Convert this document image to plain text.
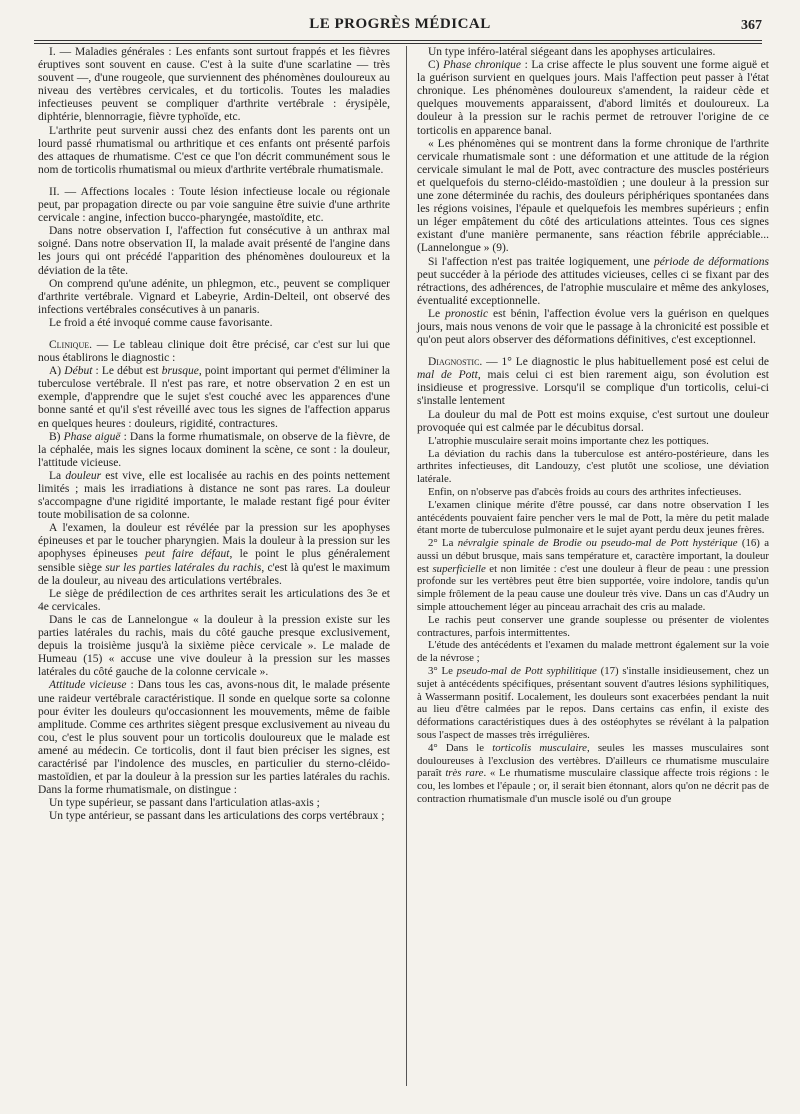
LE PROGRÈS MÉDICAL	367

I. — Maladies générales : Les enfants sont surtout frappés et les fièvres éruptives sont souvent en cause. C'est à la suite d'une scarlatine — très souvent —, d'une rougeole, que surviennent des phénomènes douloureux au niveau des vertèbres cervicales, et du torticolis. Toutes les maladies infectieuses peuvent se compliquer d'arthrite vertébrale : érysipèle, diphtérie, blennorragie, fièvre typhoïde, etc.

L'arthrite peut survenir aussi chez des enfants dont les parents ont un lourd passé rhumatismal ou arthritique et ces enfants ont présenté parfois des attaques de rhumatisme. C'est ce que l'on décrit communément sous le nom de torticolis rhumatismal ou mieux d'arthrite vertébrale rhumatismale.

II. — Affections locales : Toute lésion infectieuse locale ou régionale peut, par propagation directe ou par voie sanguine être suivie d'une arthrite cervicale : angine, infection bucco-pharyngée, mastoïdite, etc.

Dans notre observation I, l'affection fut consécutive à un anthrax mal soigné. Dans notre observation II, la malade avait présenté de l'angine dans les jours qui ont précédé l'apparition des phénomènes douloureux et la déviation de la tête.

On comprend qu'une adénite, un phlegmon, etc., peuvent se compliquer d'arthrite vertébrale. Vignard et Labeyrie, Ardin-Delteil, ont observé des infections vertébrales consécutives à un panaris.

Le froid a été invoqué comme cause favorisante.

Clinique. — Le tableau clinique doit être précisé, car c'est sur lui que nous établirons le diagnostic :

A) Début : Le début est brusque, point important qui permet d'éliminer la tuberculose vertébrale. Il n'est pas rare, et notre observation 2 en est un exemple, d'apprendre que le sujet s'est couché avec les apparences d'une bonne santé et qu'il s'est réveillé avec tous les signes de l'affection apparus en quelques heures : douleurs, rigidité, contractures.

B) Phase aiguë : Dans la forme rhumatismale, on observe de la fièvre, de la céphalée, mais les signes locaux dominent la scène, ce sont : la douleur, l'attitude vicieuse.

La douleur est vive, elle est localisée au rachis en des points nettement limités ; mais les irradiations à distance ne sont pas rares. La douleur s'accompagne d'une rigidité importante, le malade restant figé pour éviter toute mobilisation de sa colonne.

A l'examen, la douleur est révélée par la pression sur les apophyses épineuses et par le toucher pharyngien. Mais la douleur à la pression sur les apophyses épineuses peut faire défaut, le point le plus généralement sensible siège sur les parties latérales du rachis, c'est là qu'est le maximum de la douleur, au niveau des articulations vertébrales.

Le siège de prédilection de ces arthrites serait les articulations des 3e et 4e cervicales.

Dans le cas de Lannelongue « la douleur à la pression existe sur les parties latérales du rachis, mais du côté gauche presque exclusivement, depuis la troisième jusqu'à la sixième pièce cervicale ». Le malade de Humeau (15) « accuse une vive douleur à la pression sur les masses latérales du côté gauche de la colonne cervicale ».

Attitude vicieuse : Dans tous les cas, avons-nous dit, le malade présente une raideur vertébrale caractéristique. Il sonde en quelque sorte sa colonne pour éviter les douleurs qu'occasionnent les mouvements, même de faible amplitude. Comme ces arthrites siègent presque exclusivement au niveau du cou, c'est le plus souvent pour un torticolis douloureux que le malade est amené au médecin. Ce torticolis, dont il faut bien préciser les signes, est caractérisé par l'indolence des muscles, en particulier du sterno-cléido-mastoïdien, et par la douleur à la pression sur les parties latérales du rachis. Dans la forme rhumatismale, on distingue :

Un type supérieur, se passant dans l'articulation atlas-axis ;

Un type antérieur, se passant dans les articulations des corps vertébraux ;

Un type inféro-latéral siégeant dans les apophyses articulaires.

C) Phase chronique : La crise affecte le plus souvent une forme aiguë et la guérison survient en quelques jours. Mais l'affection peut passer à l'état chronique. Les phénomènes douloureux s'amendent, la raideur cède et quelques mouvements apparaissent, d'abord limités et douloureux. La douleur à la pression sur le rachis permet de retrouver l'origine de ce torticolis en apparence banal.

« Les phénomènes qui se montrent dans la forme chronique de l'arthrite cervicale rhumatismale sont : une déformation et une attitude de la région cervicale simulant le mal de Pott, avec contracture des muscles postérieurs et quelquefois du sterno-cléido-mastoïdien ; une douleur à la pression sur une zone déterminée du rachis, des douleurs périphériques spontanées dans les régions voisines, l'épaule et quelquefois les membres supérieurs ; enfin un léger empâtement du côté des articulations atteintes. Tous ces signes existant d'une manière permanente, sans réaction fébrile appréciable... (Lannelongue » (9).

Si l'affection n'est pas traitée logiquement, une période de déformations peut succéder à la période des attitudes vicieuses, celles ci se fixant par des rétractions, des adhérences, de l'atrophie musculaire et même des ankyloses, éventualité exceptionnelle.

Le pronostic est bénin, l'affection évolue vers la guérison en quelques jours, mais nous venons de voir que le passage à la chronicité est possible et qu'on peut alors observer des déformations définitives, c'est exceptionnel.

Diagnostic. — 1° Le diagnostic le plus habituellement posé est celui de mal de Pott, mais celui ci est bien rarement aigu, son évolution est insidieuse et progressive. Lorsqu'il se complique d'un torticolis, celui-ci s'installe lentement

La douleur du mal de Pott est moins exquise, c'est surtout une douleur provoquée qui est calmée par le décubitus dorsal.

L'atrophie musculaire serait moins importante chez les pottiques.

La déviation du rachis dans la tuberculose est antéro-postérieure, dans les arthrites infectieuses, dit Landouzy, c'est plutôt une scoliose, une déviation latérale.

Enfin, on n'observe pas d'abcès froids au cours des arthrites infectieuses.

L'examen clinique mérite d'être poussé, car dans notre observation I les antécédents pouvaient faire pencher vers le mal de Pott, la mère du petit malade étant morte de tuberculose pulmonaire et le sujet ayant perdu deux jeunes frères.

2° La névralgie spinale de Brodie ou pseudo-mal de Pott hystérique (16) a aussi un début brusque, mais sans température et, caractère important, la douleur est superficielle et non limitée : c'est une douleur à fleur de peau : une pression profonde sur les vertèbres peut être bien supportée, voire indolore, tandis qu'un simple frôlement de la peau cause une douleur très vive. Dans un cas d'Audry un simple attouchement léger au pinceau arrachait des cris au malade.

Le rachis peut conserver une grande souplesse ou présenter de violentes contractures, parfois intermittentes.

L'étude des antécédents et l'examen du malade mettront également sur la voie de la névrose ;

3° Le pseudo-mal de Pott syphilitique (17) s'installe insidieusement, chez un sujet à antécédents spécifiques, présentant souvent d'autres lésions syphilitiques, à Wassermann positif. Localement, les douleurs sont exacerbées pendant la nuit au lieu d'être calmées par le repos. Dans certains cas enfin, il existe des déformations caractéristiques dues à des ostéophytes se révélant à la palpation sous l'aspect de masses très irrégulières.

4° Dans le torticolis musculaire, seules les masses musculaires sont douloureuses à l'exclusion des vertèbres. D'ailleurs ce rhumatisme musculaire paraît très rare. « Le rhumatisme musculaire classique affecte trois régions : le cou, les lombes et l'épaule ; or, il serait bien étonnant, alors qu'on ne décrit pas de contraction rhumatismale d'un muscle isolé ou d'un groupe
